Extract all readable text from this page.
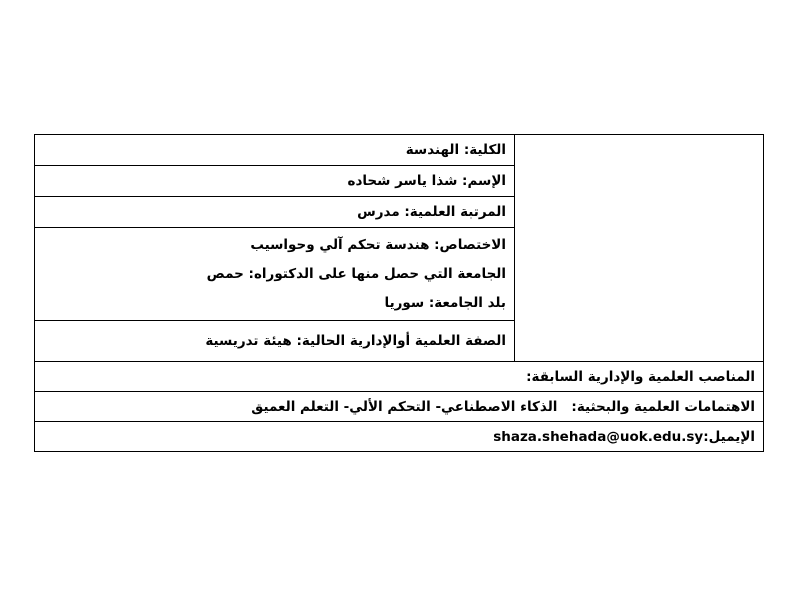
الكلية: الهندسة	
الإسم: شذا ياسر شحاده
المرتبة العلمية: مدرس

الاختصاص: هندسة تحكم آلي وحواسيب
الجامعة التي حصل منها على الدكتوراه: حمص
بلد الجامعة: سوريا

الصفة العلمية أوالإدارية الحالية: هيئة تدريسية
المناصب العلمية والإدارية السابقة:
الاهتمامات العلمية والبحثية:الذكاء الاصطناعي- التحكم الألي- التعلم العميق
الإيميل:shaza.shehada@uok.edu.sy
